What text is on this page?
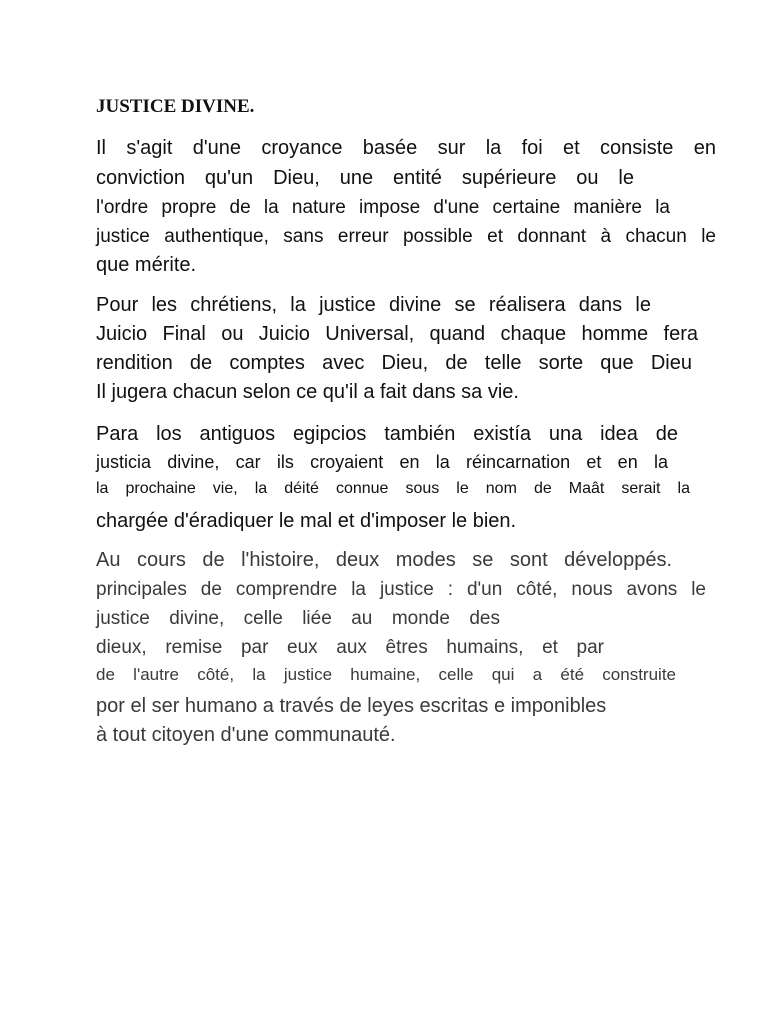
JUSTICE DIVINE.
Il s'agit d'une croyance basée sur la foi et consiste en
conviction qu'un Dieu, une entité supérieure ou le
l'ordre propre de la nature impose d'une certaine manière la
justice authentique, sans erreur possible et donnant à chacun le
que mérite.
Pour les chrétiens, la justice divine se réalisera dans le
Juicio Final ou Juicio Universal, quand chaque homme fera
rendition de comptes avec Dieu, de telle sorte que Dieu
Il jugera chacun selon ce qu'il a fait dans sa vie.
Para los antiguos egipcios también existía una idea de
justicia divine, car ils croyaient en la réincarnation et en la
la prochaine vie, la déité connue sous le nom de Maât serait la
chargée d'éradiquer le mal et d'imposer le bien.
Au cours de l'histoire, deux modes se sont développés.
principales de comprendre la justice : d'un côté, nous avons le
justice divine, celle liée au monde des
dieux, remise par eux aux êtres humains, et par
de l'autre côté, la justice humaine, celle qui a été construite
por el ser humano a través de leyes escritas e imponibles
à tout citoyen d'une communauté.
